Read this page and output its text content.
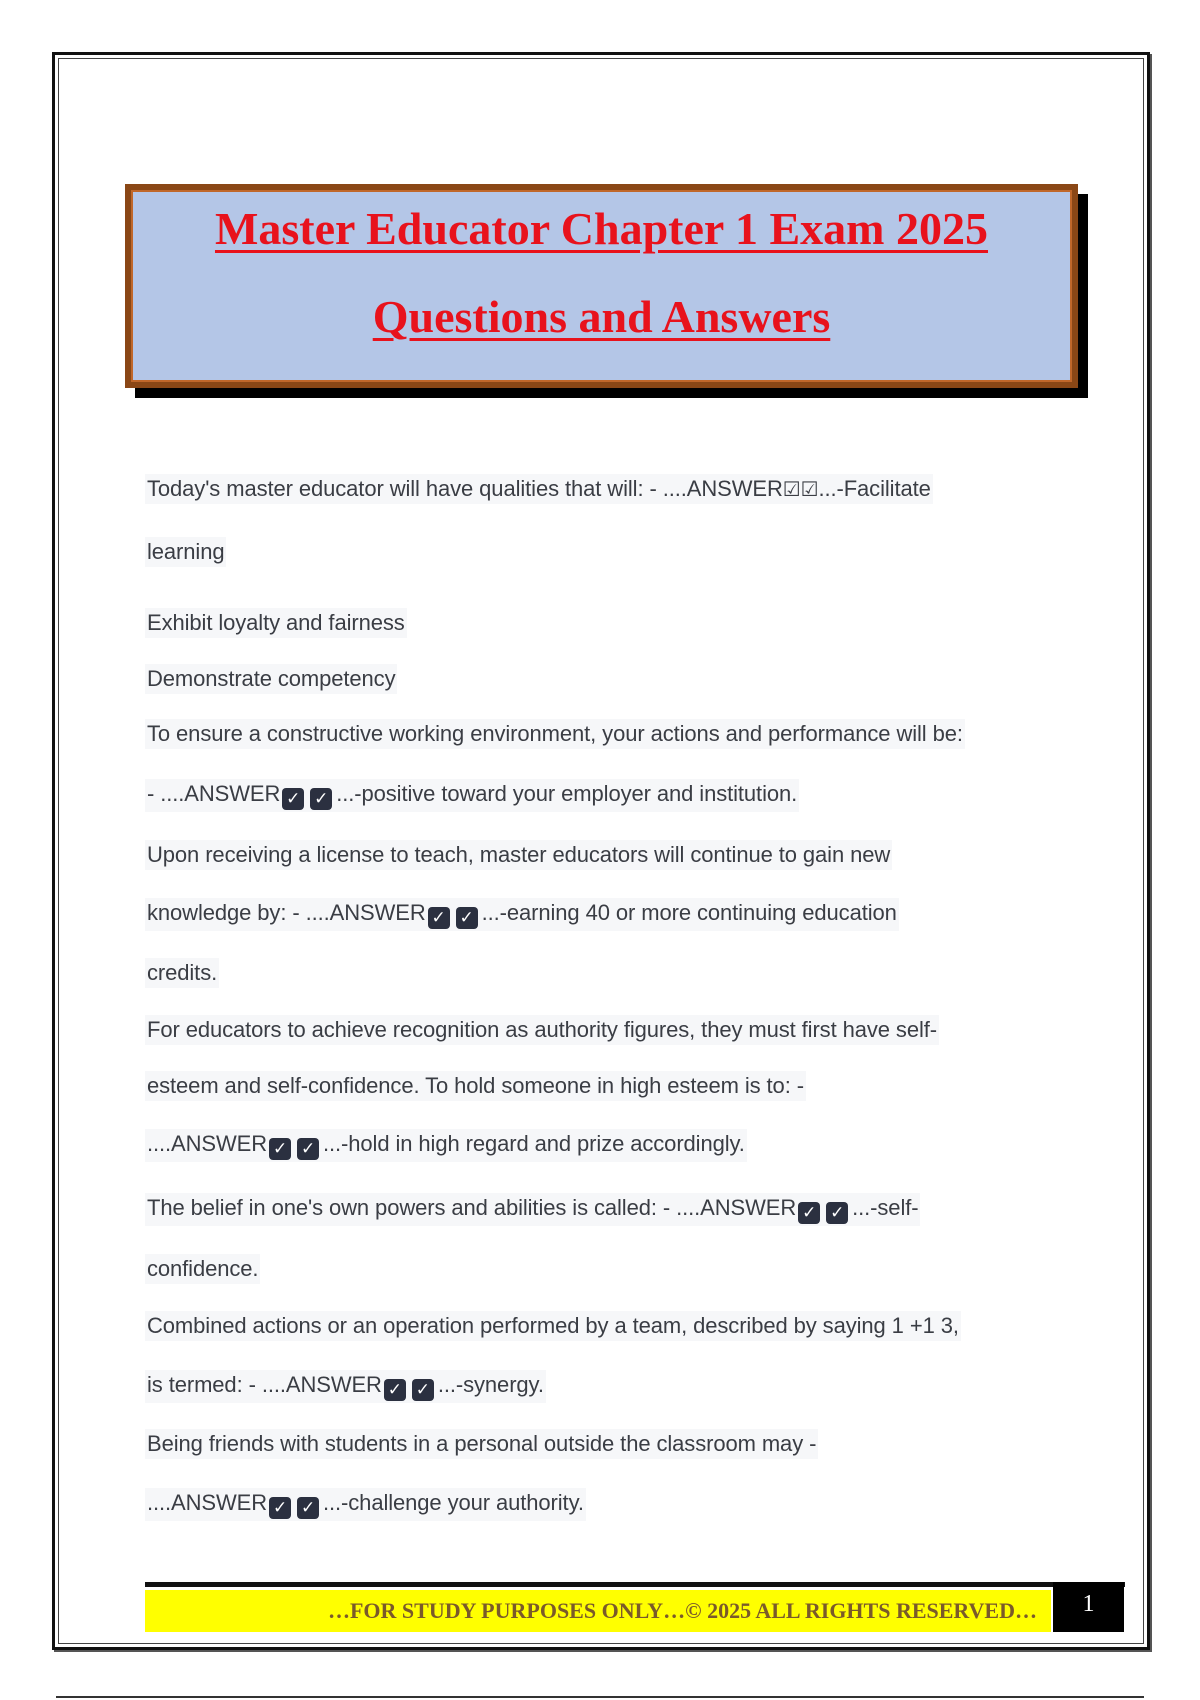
Master Educator Chapter 1 Exam 2025
Questions and Answers
Today's master educator will have qualities that will: - ....ANSWER☑☑...-Facilitate
learning
Exhibit loyalty and fairness
Demonstrate competency
To ensure a constructive working environment, your actions and performance will be:
- ....ANSWER ✓ ✓ ...-positive toward your employer and institution.
Upon receiving a license to teach, master educators will continue to gain new
knowledge by: - ....ANSWER ✓ ✓ ...-earning 40 or more continuing education
credits.
For educators to achieve recognition as authority figures, they must first have self-
esteem and self-confidence. To hold someone in high esteem is to: -
....ANSWER ✓ ✓ ...-hold in high regard and prize accordingly.
The belief in one's own powers and abilities is called: - ....ANSWER ✓ ✓ ...-self-
confidence.
Combined actions or an operation performed by a team, described by saying 1 +1 3,
is termed: - ....ANSWER ✓ ✓ ...-synergy.
Being friends with students in a personal outside the classroom may -
....ANSWER ✓ ✓ ...-challenge your authority.
…FOR STUDY PURPOSES ONLY…© 2025 ALL RIGHTS RESERVED…	1
